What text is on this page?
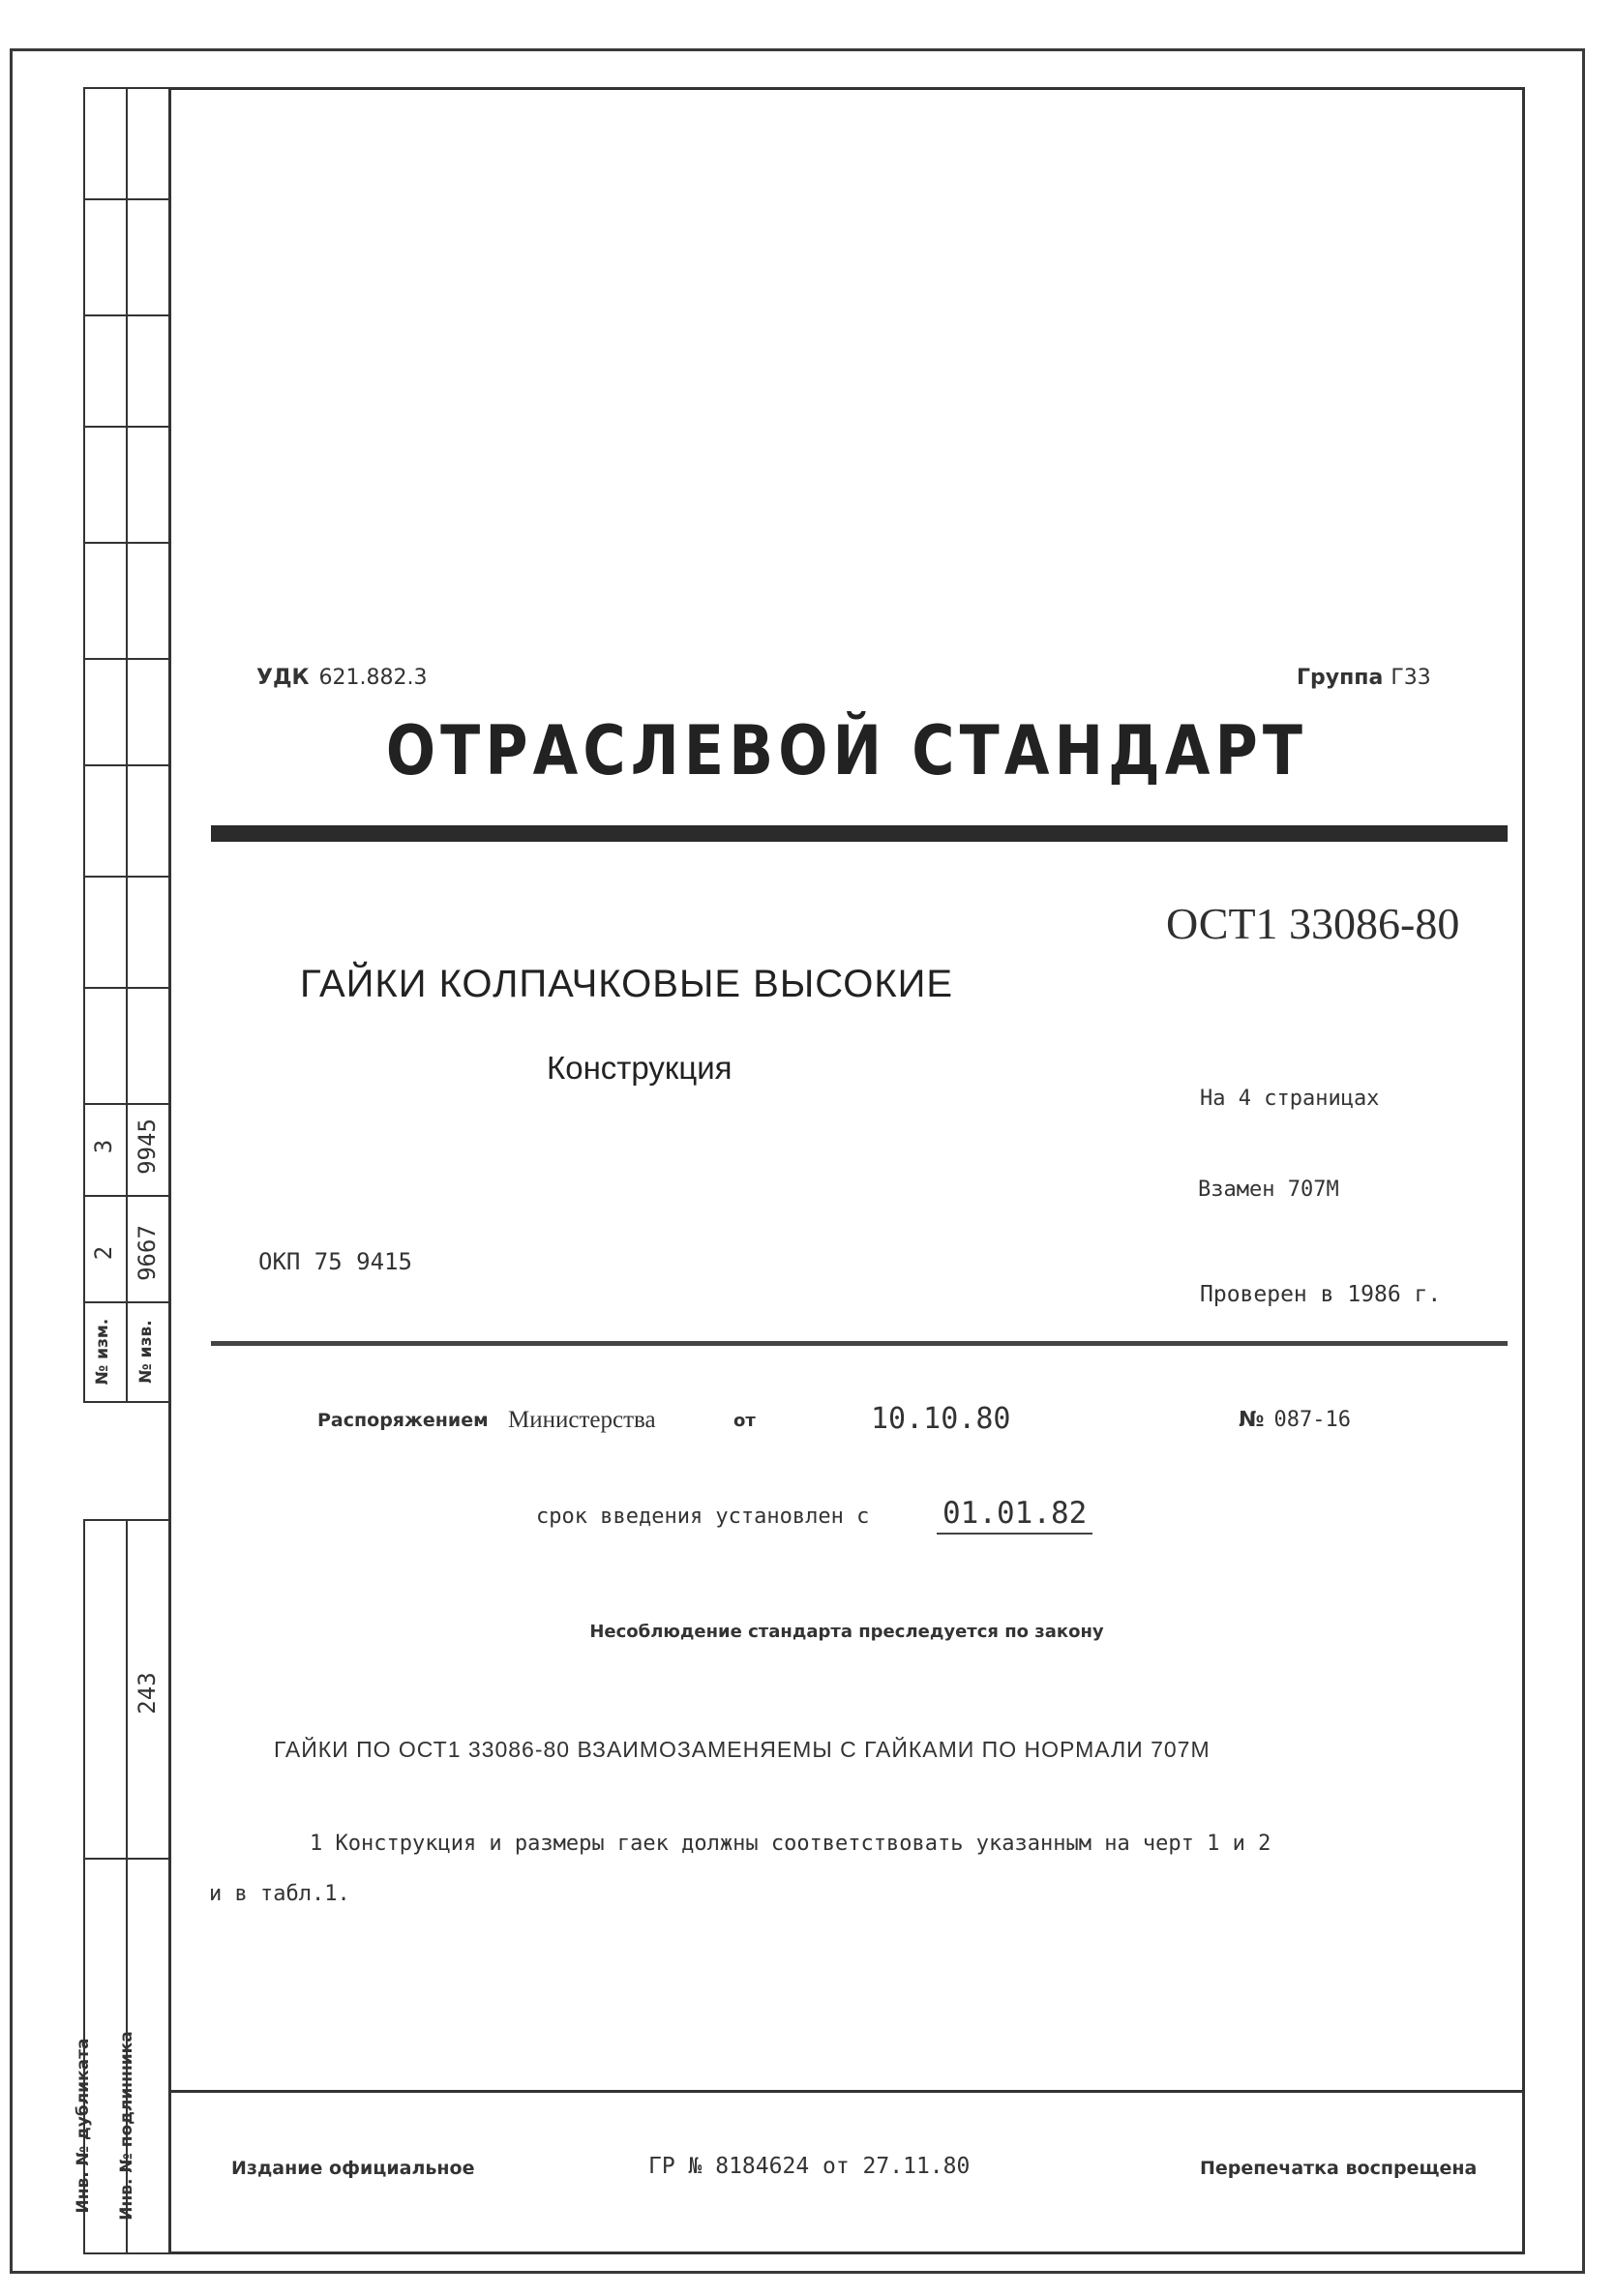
3 9945
2 9667
№ изм. № изв.
243
Инв. № дубликата Инв. № подлинника
УДК 621.882.3	Группа Г33
ОТРАСЛЕВОЙ СТАНДАРТ
ОСТ1 33086-80
ГАЙКИ КОЛПАЧКОВЫЕ ВЫСОКИЕ
Конструкция
На 4 страницах
Взамен 707М
ОКП 75 9415
Проверен в 1986 г.
Распоряжением Министерства	от	10.10.80	№ 087-16
срок введения установлен с 01.01.82
Несоблюдение стандарта преследуется по закону
ГАЙКИ ПО ОСТ1 33086-80 ВЗАИМОЗАМЕНЯЕМЫ С ГАЙКАМИ ПО НОРМАЛИ 707М
1 Конструкция и размеры гаек должны соответствовать указанным на черт 1 и 2
и в табл.1.
Издание официальное	ГР № 8184624 от 27.11.80	Перепечатка воспрещена
